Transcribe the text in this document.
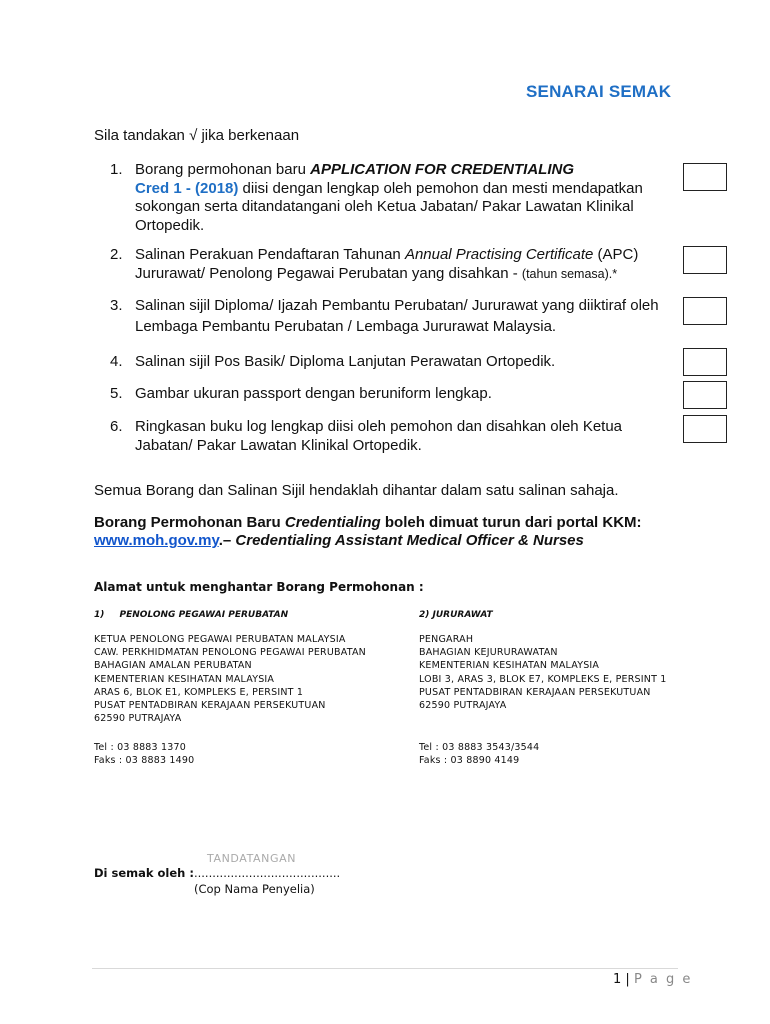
SENARAI SEMAK
Sila tandakan √ jika berkenaan
1. Borang permohonan baru APPLICATION FOR CREDENTIALING
Cred 1 - (2018) diisi dengan lengkap oleh pemohon dan mesti mendapatkan sokongan serta ditandatangani oleh Ketua Jabatan/ Pakar Lawatan Klinikal Ortopedik.
2. Salinan Perakuan Pendaftaran Tahunan Annual Practising Certificate (APC) Jururawat/ Penolong Pegawai Perubatan yang disahkan - (tahun semasa).*
3. Salinan sijil Diploma/ Ijazah Pembantu Perubatan/ Jururawat yang diiktiraf oleh Lembaga Pembantu Perubatan / Lembaga Jururawat Malaysia.
4. Salinan sijil Pos Basik/ Diploma Lanjutan Perawatan Ortopedik.
5. Gambar ukuran passport dengan beruniform lengkap.
6. Ringkasan buku log lengkap diisi oleh pemohon dan disahkan oleh Ketua Jabatan/ Pakar Lawatan Klinikal Ortopedik.
Semua Borang dan Salinan Sijil hendaklah dihantar dalam satu salinan sahaja.
Borang Permohonan Baru Credentialing boleh dimuat turun dari portal KKM:
www.moh.gov.my.– Credentialing Assistant Medical Officer & Nurses
Alamat untuk menghantar Borang Permohonan :
1) PENOLONG PEGAWAI PERUBATAN	2) JURURAWAT
KETUA PENOLONG PEGAWAI PERUBATAN MALAYSIA
CAW. PERKHIDMATAN PENOLONG PEGAWAI PERUBATAN
BAHAGIAN AMALAN PERUBATAN
KEMENTERIAN KESIHATAN MALAYSIA
ARAS 6, BLOK E1, KOMPLEKS E, PERSINT 1
PUSAT PENTADBIRAN KERAJAAN PERSEKUTUAN
62590 PUTRAJAYA
Tel : 03 8883 1370
Faks : 03 8883 1490
PENGARAH
BAHAGIAN KEJURURAWATAN
KEMENTERIAN KESIHATAN MALAYSIA
LOBI 3, ARAS 3, BLOK E7, KOMPLEKS E, PERSINT 1
PUSAT PENTADBIRAN KERAJAAN PERSEKUTUAN
62590 PUTRAJAYA
Tel : 03 8883 3543/3544
Faks : 03 8890 4149
TANDATANGAN
Di semak oleh :........................................
(Cop Nama Penyelia)
1 | P a g e
